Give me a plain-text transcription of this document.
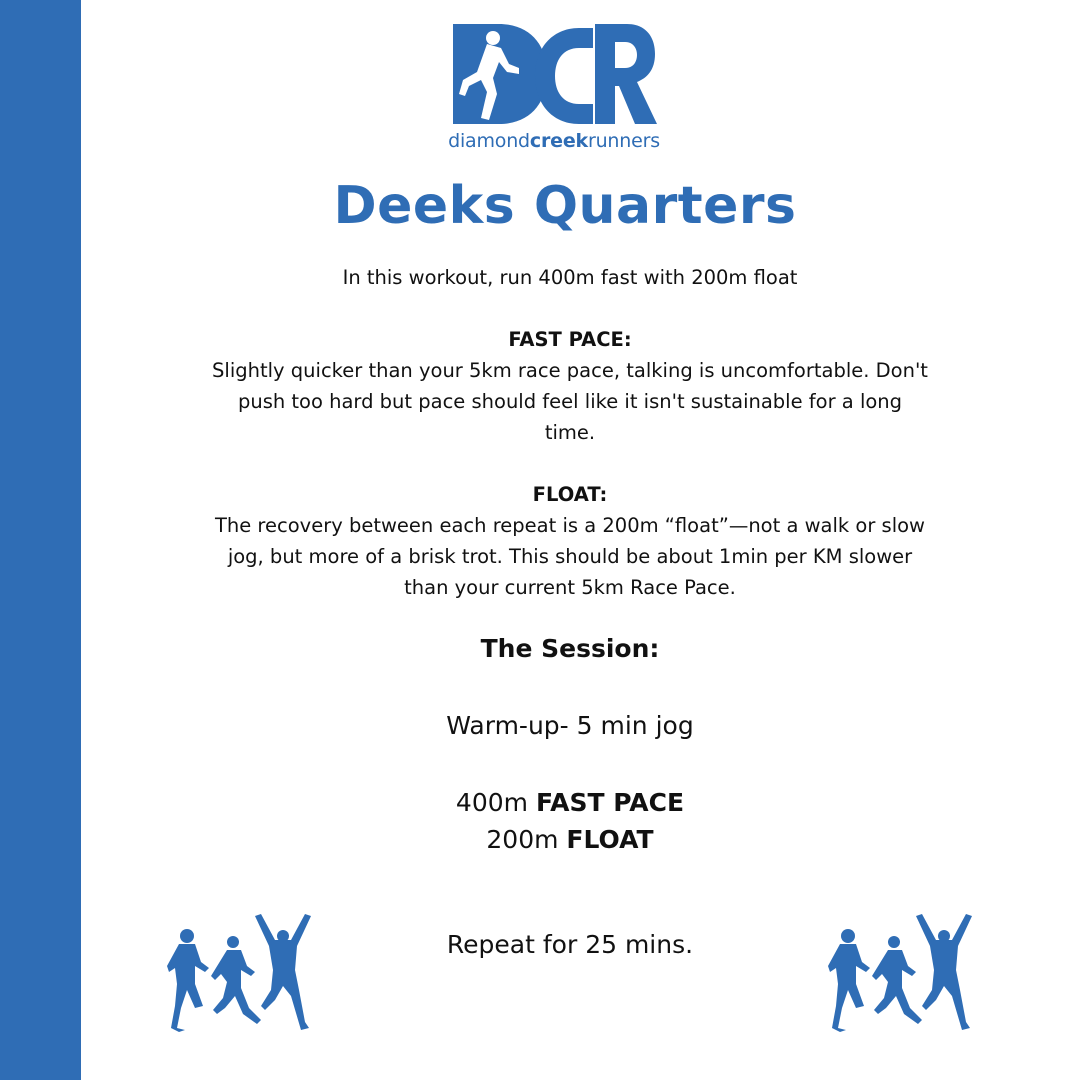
diamondcreekrunners
Deeks Quarters
In this workout, run 400m fast with 200m float
FAST PACE:
Slightly quicker than your 5km race pace, talking is uncomfortable. Don't
push too hard but pace should feel like it isn't sustainable for a long
time.
FLOAT:
The recovery between each repeat is a 200m “float”—not a walk or slow
jog, but more of a brisk trot. This should be about 1min per KM slower
than your current 5km Race Pace.
The Session:
Warm-up- 5 min jog
400m FAST PACE
200m FLOAT
Repeat for 25 mins.
